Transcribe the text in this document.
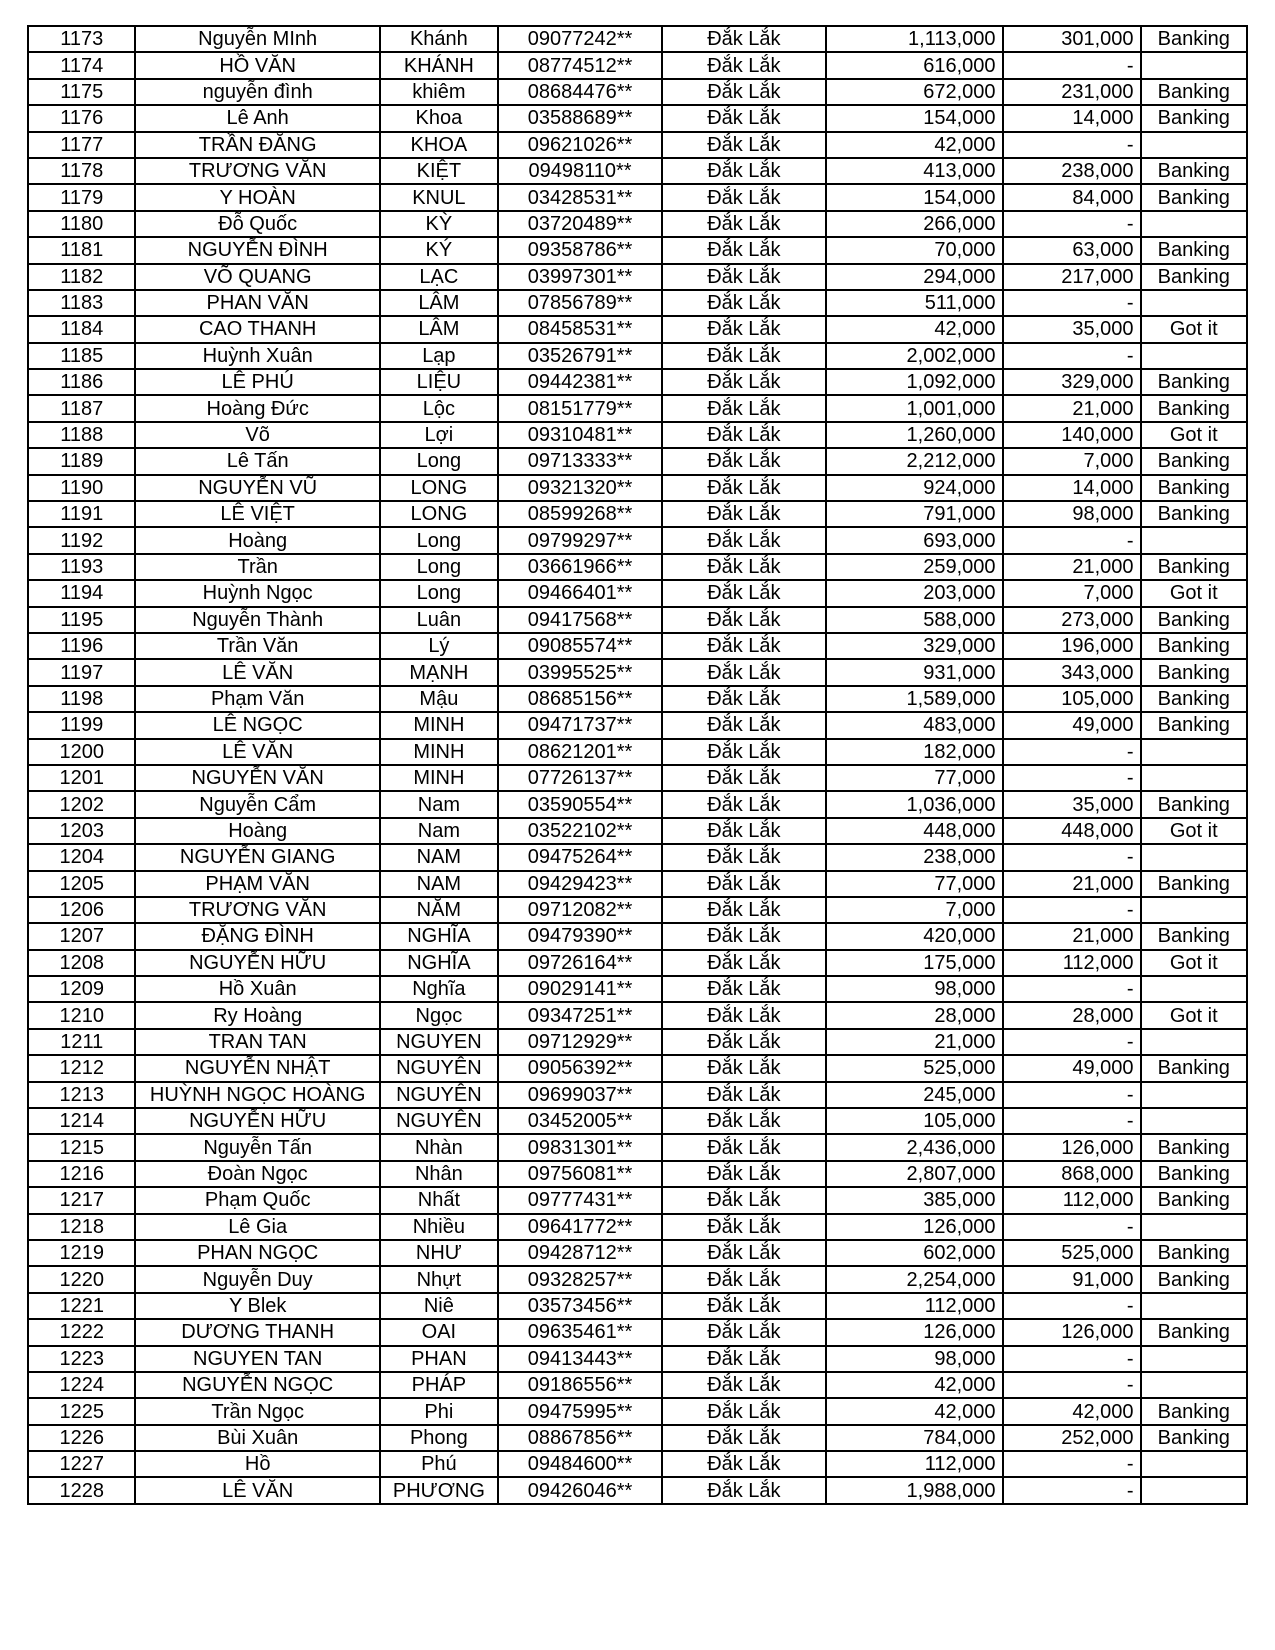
1173	Nguyễn MInh	Khánh	09077242**	Đắk Lắk	1,113,000	301,000	Banking
1174	HỒ VĂN	KHÁNH	08774512**	Đắk Lắk	616,000	-	
1175	nguyễn đình	khiêm	08684476**	Đắk Lắk	672,000	231,000	Banking
1176	Lê Anh	Khoa	03588689**	Đắk Lắk	154,000	14,000	Banking
1177	TRẦN ĐĂNG	KHOA	09621026**	Đắk Lắk	42,000	-	
1178	TRƯƠNG VĂN	KIỆT	09498110**	Đắk Lắk	413,000	238,000	Banking
1179	Y HOÀN	KNUL	03428531**	Đắk Lắk	154,000	84,000	Banking
1180	Đỗ Quốc	KỲ	03720489**	Đắk Lắk	266,000	-	
1181	NGUYỄN ĐÌNH	KÝ	09358786**	Đắk Lắk	70,000	63,000	Banking
1182	VÕ QUANG	LẠC	03997301**	Đắk Lắk	294,000	217,000	Banking
1183	PHAN VĂN	LÂM	07856789**	Đắk Lắk	511,000	-	
1184	CAO THANH	LÂM	08458531**	Đắk Lắk	42,000	35,000	Got it
1185	Huỳnh Xuân	Lạp	03526791**	Đắk Lắk	2,002,000	-	
1186	LÊ PHÚ	LIỆU	09442381**	Đắk Lắk	1,092,000	329,000	Banking
1187	Hoàng Đức	Lộc	08151779**	Đắk Lắk	1,001,000	21,000	Banking
1188	Võ	Lợi	09310481**	Đắk Lắk	1,260,000	140,000	Got it
1189	Lê Tấn	Long	09713333**	Đắk Lắk	2,212,000	7,000	Banking
1190	NGUYỄN VŨ	LONG	09321320**	Đắk Lắk	924,000	14,000	Banking
1191	LÊ VIỆT	LONG	08599268**	Đắk Lắk	791,000	98,000	Banking
1192	Hoàng	Long	09799297**	Đắk Lắk	693,000	-	
1193	Trần	Long	03661966**	Đắk Lắk	259,000	21,000	Banking
1194	Huỳnh Ngọc	Long	09466401**	Đắk Lắk	203,000	7,000	Got it
1195	Nguyễn Thành	Luân	09417568**	Đắk Lắk	588,000	273,000	Banking
1196	Trần Văn	Lý	09085574**	Đắk Lắk	329,000	196,000	Banking
1197	LÊ VĂN	MẠNH	03995525**	Đắk Lắk	931,000	343,000	Banking
1198	Phạm Văn	Mậu	08685156**	Đắk Lắk	1,589,000	105,000	Banking
1199	LÊ NGỌC	MINH	09471737**	Đắk Lắk	483,000	49,000	Banking
1200	LÊ VĂN	MINH	08621201**	Đắk Lắk	182,000	-	
1201	NGUYỄN VĂN	MINH	07726137**	Đắk Lắk	77,000	-	
1202	Nguyễn Cẩm	Nam	03590554**	Đắk Lắk	1,036,000	35,000	Banking
1203	Hoàng	Nam	03522102**	Đắk Lắk	448,000	448,000	Got it
1204	NGUYỄN GIANG	NAM	09475264**	Đắk Lắk	238,000	-	
1205	PHẠM VĂN	NAM	09429423**	Đắk Lắk	77,000	21,000	Banking
1206	TRƯƠNG VĂN	NĂM	09712082**	Đắk Lắk	7,000	-	
1207	ĐẶNG ĐÌNH	NGHĨA	09479390**	Đắk Lắk	420,000	21,000	Banking
1208	NGUYỄN HỮU	NGHĨA	09726164**	Đắk Lắk	175,000	112,000	Got it
1209	Hồ Xuân	Nghĩa	09029141**	Đắk Lắk	98,000	-	
1210	Ry Hoàng	Ngọc	09347251**	Đắk Lắk	28,000	28,000	Got it
1211	TRAN TAN	NGUYEN	09712929**	Đắk Lắk	21,000	-	
1212	NGUYỄN NHẬT	NGUYÊN	09056392**	Đắk Lắk	525,000	49,000	Banking
1213	HUỲNH NGỌC HOÀNG	NGUYÊN	09699037**	Đắk Lắk	245,000	-	
1214	NGUYỄN HỮU	NGUYÊN	03452005**	Đắk Lắk	105,000	-	
1215	Nguyễn Tấn	Nhàn	09831301**	Đắk Lắk	2,436,000	126,000	Banking
1216	Đoàn Ngọc	Nhân	09756081**	Đắk Lắk	2,807,000	868,000	Banking
1217	Phạm Quốc	Nhất	09777431**	Đắk Lắk	385,000	112,000	Banking
1218	Lê Gia	Nhiều	09641772**	Đắk Lắk	126,000	-	
1219	PHAN NGỌC	NHƯ	09428712**	Đắk Lắk	602,000	525,000	Banking
1220	Nguyễn Duy	Nhựt	09328257**	Đắk Lắk	2,254,000	91,000	Banking
1221	Y Blek	Niê	03573456**	Đắk Lắk	112,000	-	
1222	DƯƠNG THANH	OAI	09635461**	Đắk Lắk	126,000	126,000	Banking
1223	NGUYEN TAN	PHAN	09413443**	Đắk Lắk	98,000	-	
1224	NGUYỄN NGỌC	PHÁP	09186556**	Đắk Lắk	42,000	-	
1225	Trần Ngọc	Phi	09475995**	Đắk Lắk	42,000	42,000	Banking
1226	Bùi Xuân	Phong	08867856**	Đắk Lắk	784,000	252,000	Banking
1227	Hồ	Phú	09484600**	Đắk Lắk	112,000	-	
1228	LÊ VĂN	PHƯƠNG	09426046**	Đắk Lắk	1,988,000	-	
